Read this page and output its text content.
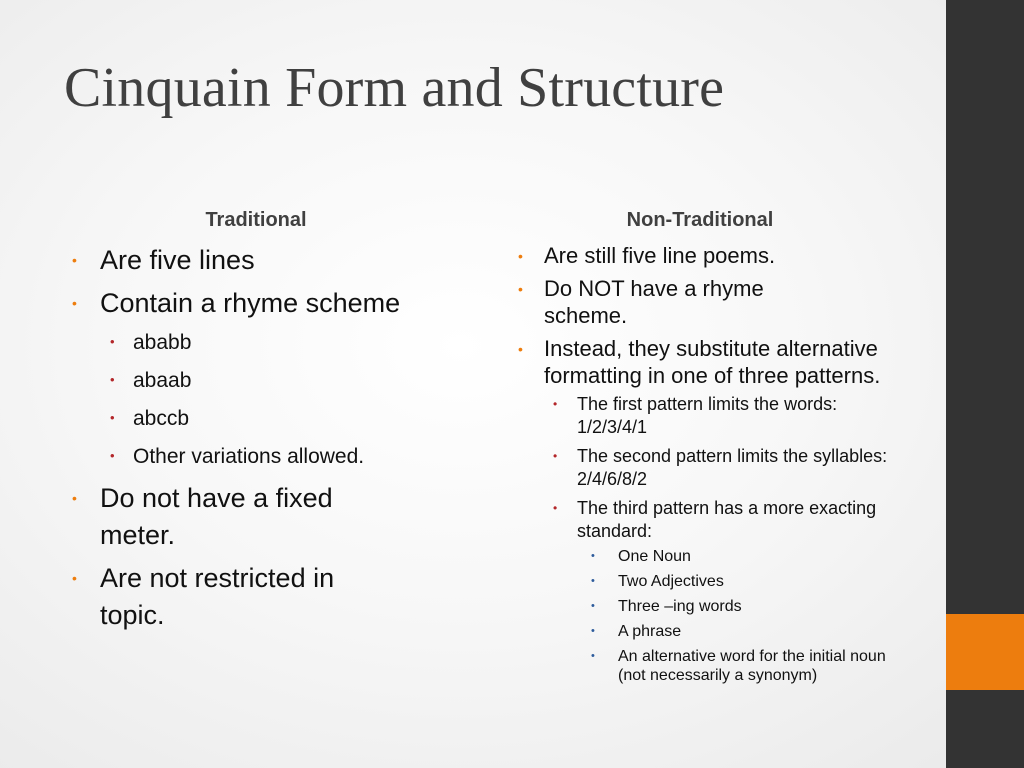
Cinquain Form and Structure
Traditional
• Are five lines
• Contain a rhyme scheme
• ababb
• abaab
• abccb
• Other variations allowed.
• Do not have a fixed meter.
• Are not restricted in topic.
Non-Traditional
• Are still five line poems.
• Do NOT have a rhyme scheme.
• Instead, they substitute alternative formatting in one of three patterns.
• The first pattern limits the words: 1/2/3/4/1
• The second pattern limits the syllables: 2/4/6/8/2
• The third pattern has a more exacting standard:
• One Noun
• Two Adjectives
• Three –ing words
• A phrase
• An alternative word for the initial noun (not necessarily a synonym)
